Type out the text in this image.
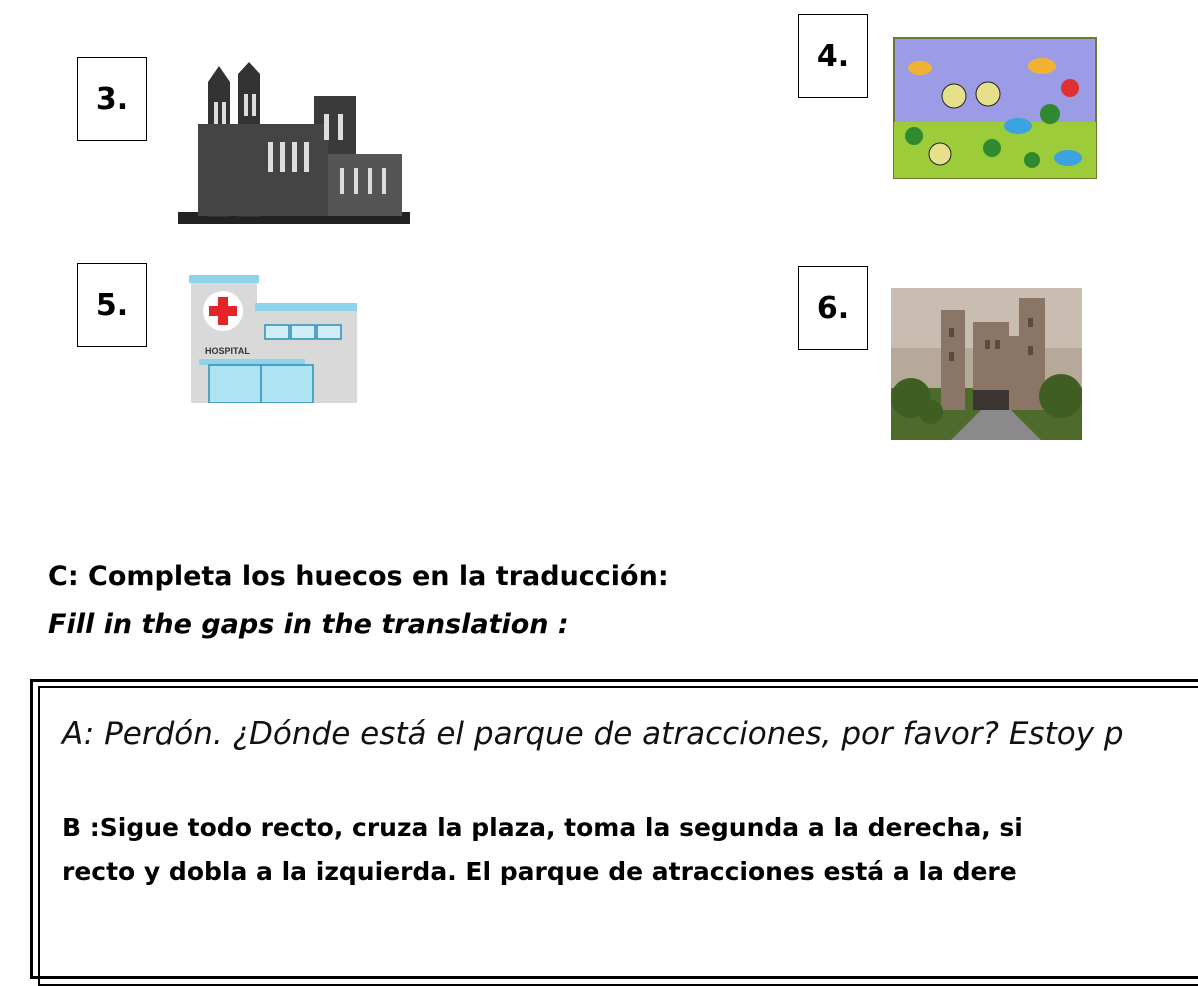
3.
4.
5.
HOSPITAL
6.
C: Completa los huecos en la traducción:
Fill in the gaps in the translation :
A: Perdón. ¿Dónde está el parque de atracciones, por favor? Estoy p
B :Sigue todo recto, cruza la plaza, toma la segunda a la derecha, si
recto y dobla a la izquierda. El parque de atracciones está a la dere
